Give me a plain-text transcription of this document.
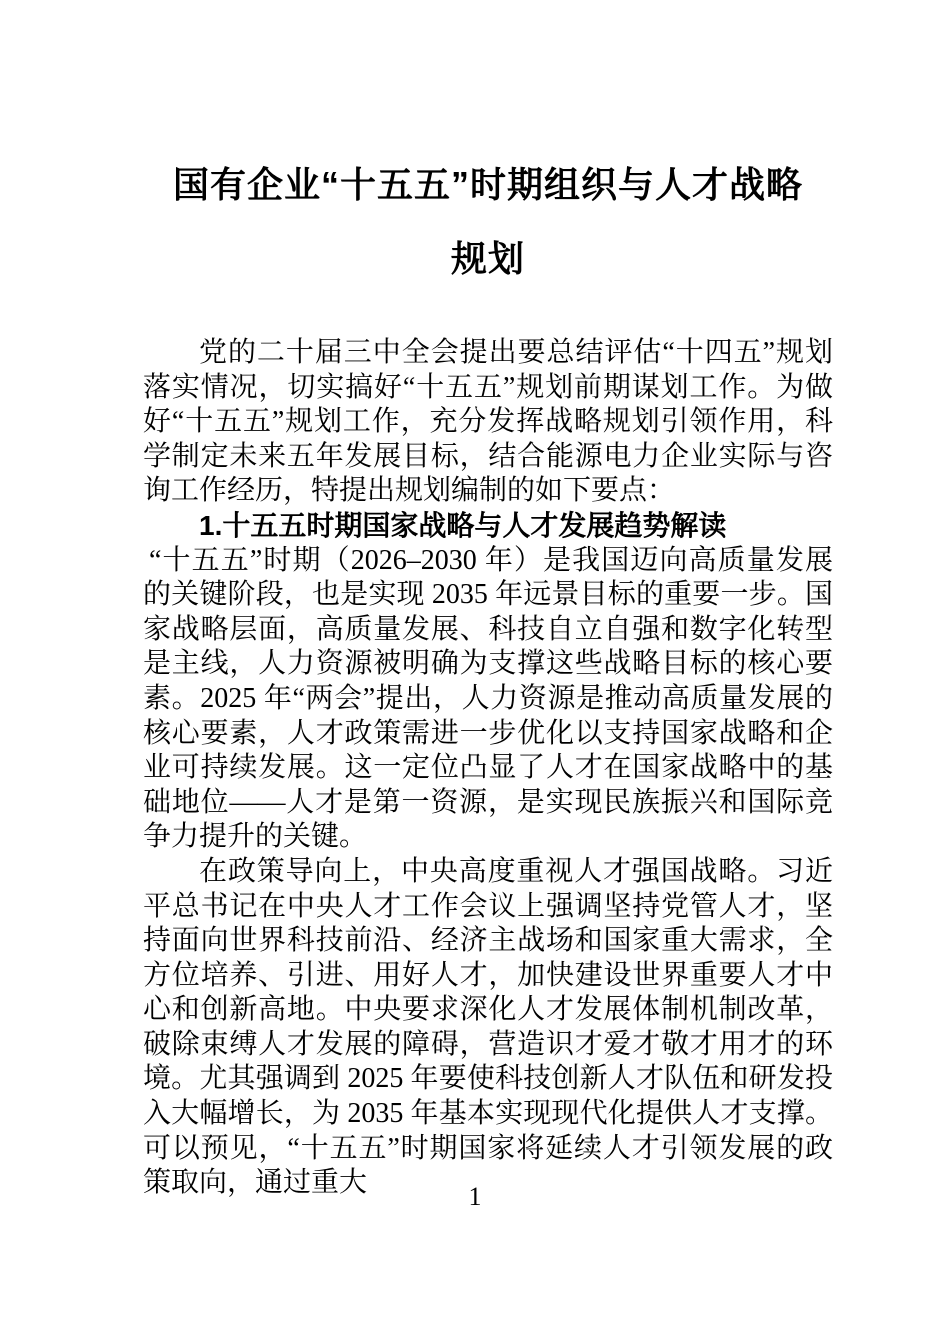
国有企业“十五五”时期组织与人才战略
规划

党的二十届三中全会提出要总结评估“十四五”规划落实情况，切实搞好“十五五”规划前期谋划工作。为做好“十五五”规划工作，充分发挥战略规划引领作用，科学制定未来五年发展目标，结合能源电力企业实际与咨询工作经历，特提出规划编制的如下要点：

1.十五五时期国家战略与人才发展趋势解读

“十五五”时期（2026–2030 年）是我国迈向高质量发展的关键阶段，也是实现 2035 年远景目标的重要一步。国家战略层面，高质量发展、科技自立自强和数字化转型是主线，人力资源被明确为支撑这些战略目标的核心要素。2025 年“两会”提出，人力资源是推动高质量发展的核心要素，人才政策需进一步优化以支持国家战略和企业可持续发展。这一定位凸显了人才在国家战略中的基础地位——人才是第一资源，是实现民族振兴和国际竞争力提升的关键。

在政策导向上，中央高度重视人才强国战略。习近平总书记在中央人才工作会议上强调坚持党管人才，坚持面向世界科技前沿、经济主战场和国家重大需求，全方位培养、引进、用好人才，加快建设世界重要人才中心和创新高地。中央要求深化人才发展体制机制改革，破除束缚人才发展的障碍，营造识才爱才敬才用才的环境。尤其强调到 2025 年要使科技创新人才队伍和研发投入大幅增长，为 2035 年基本实现现代化提供人才支撑。可以预见，“十五五”时期国家将延续人才引领发展的政策取向，通过重大	1
